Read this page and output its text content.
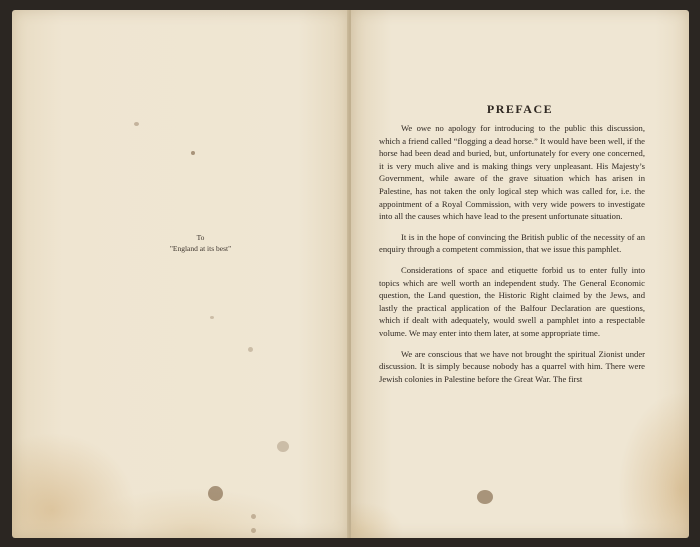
To
"England at its best"
PREFACE

We owe no apology for introducing to the public this discussion, which a friend called “flogging a dead horse.” It would have been well, if the horse had been dead and buried, but, unfortunately for every one concerned, it is very much alive and is making things very unpleasant. His Majesty’s Government, while aware of the grave situation which has arisen in Palestine, has not taken the only logical step which was called for, i.e. the appointment of a Royal Commission, with very wide powers to investigate into all the causes which have lead to the present unfortunate situation.

It is in the hope of convincing the British public of the necessity of an enquiry through a competent commission, that we issue this pamphlet.

Considerations of space and etiquette forbid us to enter fully into topics which are well worth an independent study. The General Economic question, the Land question, the Historic Right claimed by the Jews, and lastly the practical application of the Balfour Declaration are questions, which if dealt with adequately, would swell a pamphlet into a respectable volume. We may enter into them later, at some appropriate time.

We are conscious that we have not brought the spiritual Zionist under discussion. It is simply because nobody has a quarrel with him. There were Jewish colonies in Palestine before the Great War. The first
